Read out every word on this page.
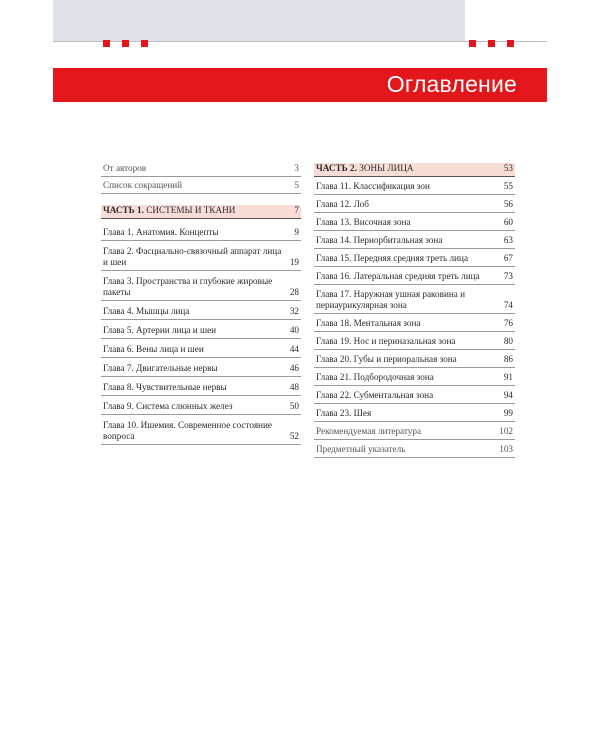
Оглавление
От авторов	3
Список сокращений	5
ЧАСТЬ 1. СИСТЕМЫ И ТКАНИ	7
Глава 1. Анатомия. Концепты	9
Глава 2. Фасциально-связочный аппарат лица и шеи	19
Глава 3. Пространства и глубокие жировые пакеты	28
Глава 4. Мышцы лица	32
Глава 5. Артерии лица и шеи	40
Глава 6. Вены лица и шеи	44
Глава 7. Двигательные нервы	46
Глава 8. Чувствительные нервы	48
Глава 9. Система слюнных желез	50
Глава 10. Ишемия. Современное состояние вопроса	52
ЧАСТЬ 2. ЗОНЫ ЛИЦА	53
Глава 11. Классификация зон	55
Глава 12. Лоб	56
Глава 13. Височная зона	60
Глава 14. Периорбитальная зона	63
Глава 15. Передняя средняя треть лица	67
Глава 16. Латеральная средняя треть лица	73
Глава 17. Наружная ушная раковина и периаурикулярная зона	74
Глава 18. Ментальная зона	76
Глава 19. Нос и периназальная зона	80
Глава 20. Губы и периоральная зона	86
Глава 21. Подбородочная зона	91
Глава 22. Субментальная зона	94
Глава 23. Шея	99
Рекомендуемая литература	102
Предметный указатель	103
